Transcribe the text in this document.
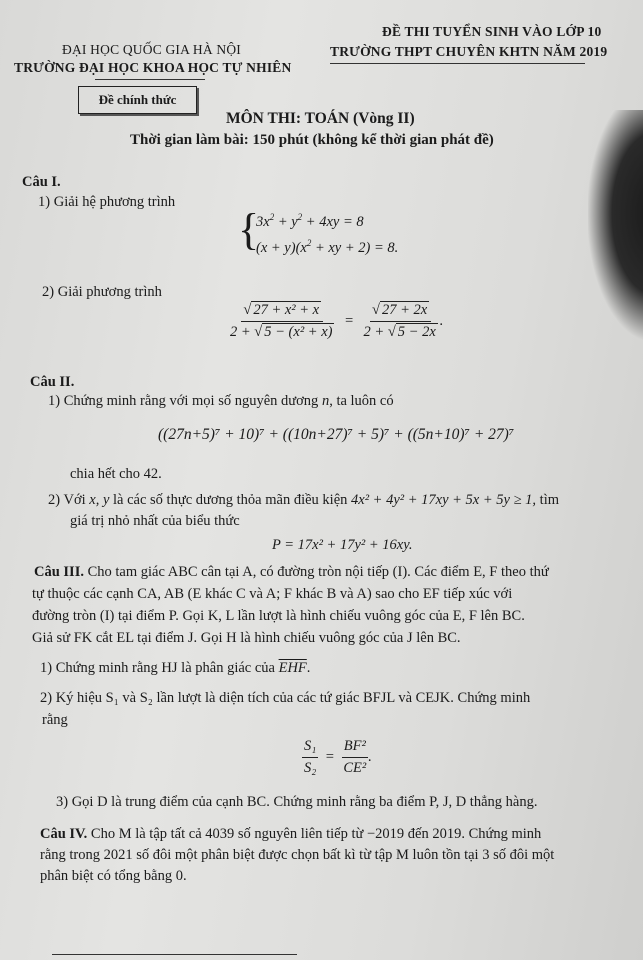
ĐẠI HỌC QUỐC GIA HÀ NỘI
TRƯỜNG ĐẠI HỌC KHOA HỌC TỰ NHIÊN
ĐỀ THI TUYỂN SINH VÀO LỚP 10
TRƯỜNG THPT CHUYÊN KHTN NĂM 2019
Đề chính thức
MÔN THI: TOÁN (Vòng II)
Thời gian làm bài: 150 phút (không kể thời gian phát đề)
Câu I.
1) Giải hệ phương trình
{
$3x^2 + y^2 + 4xy = 8$
$(x + y)(x^2$ + xy + 2) = 8.
2) Giải phương trình
$\frac{\text{√ 27 + x² + x}}{\text{2 + √ 5 − (x² + x)}} = \frac{√ 27 + 2x}{2 + √ 5 - 2x}$ .
Câu II.
1) Chứng minh rằng với mọi số nguyên dương n, ta luôn có
((27n+5)⁷ + 10)⁷ + ((10n+27)⁷ + 5)⁷ + ((5n+10)⁷ + 27)⁷
chia hết cho 42.
2) Với x, y là các số thực dương thỏa mãn điều kiện 4x² + 4y² + 17xy + 5x + 5y ≥ 1, tìm
giá trị nhỏ nhất của biểu thức
P = 17x² + 17y² + 16xy.
Câu III. Cho tam giác ABC cân tại A, có đường tròn nội tiếp (I). Các điểm E, F theo thứ
tự thuộc các cạnh CA, AB (E khác C và A; F khác B và A) sao cho EF tiếp xúc với
đường tròn (I) tại điểm P. Gọi K, L lần lượt là hình chiếu vuông góc của E, F lên BC.
Giả sử FK cắt EL tại điểm J. Gọi H là hình chiếu vuông góc của J lên BC.
1) Chứng minh rằng HJ là phân giác của $\overline{EHF}$.
2) Ký hiệu S₁ và S₂ lần lượt là diện tích của các tứ giác BFJL và CEJK. Chứng minh
rằng
$\frac{\text{S₁}}{\text{S₂}} = \frac{\text{BF²}}{\text{CE²}}$ .
3) Gọi D là trung điểm của cạnh BC. Chứng minh rằng ba điểm P, J, D thẳng hàng.
Câu IV. Cho M là tập tất cả 4039 số nguyên liên tiếp từ −2019 đến 2019. Chứng minh
rằng trong 2021 số đôi một phân biệt được chọn bất kì từ tập M luôn tồn tại 3 số đôi một
phân biệt có tổng bằng 0.
